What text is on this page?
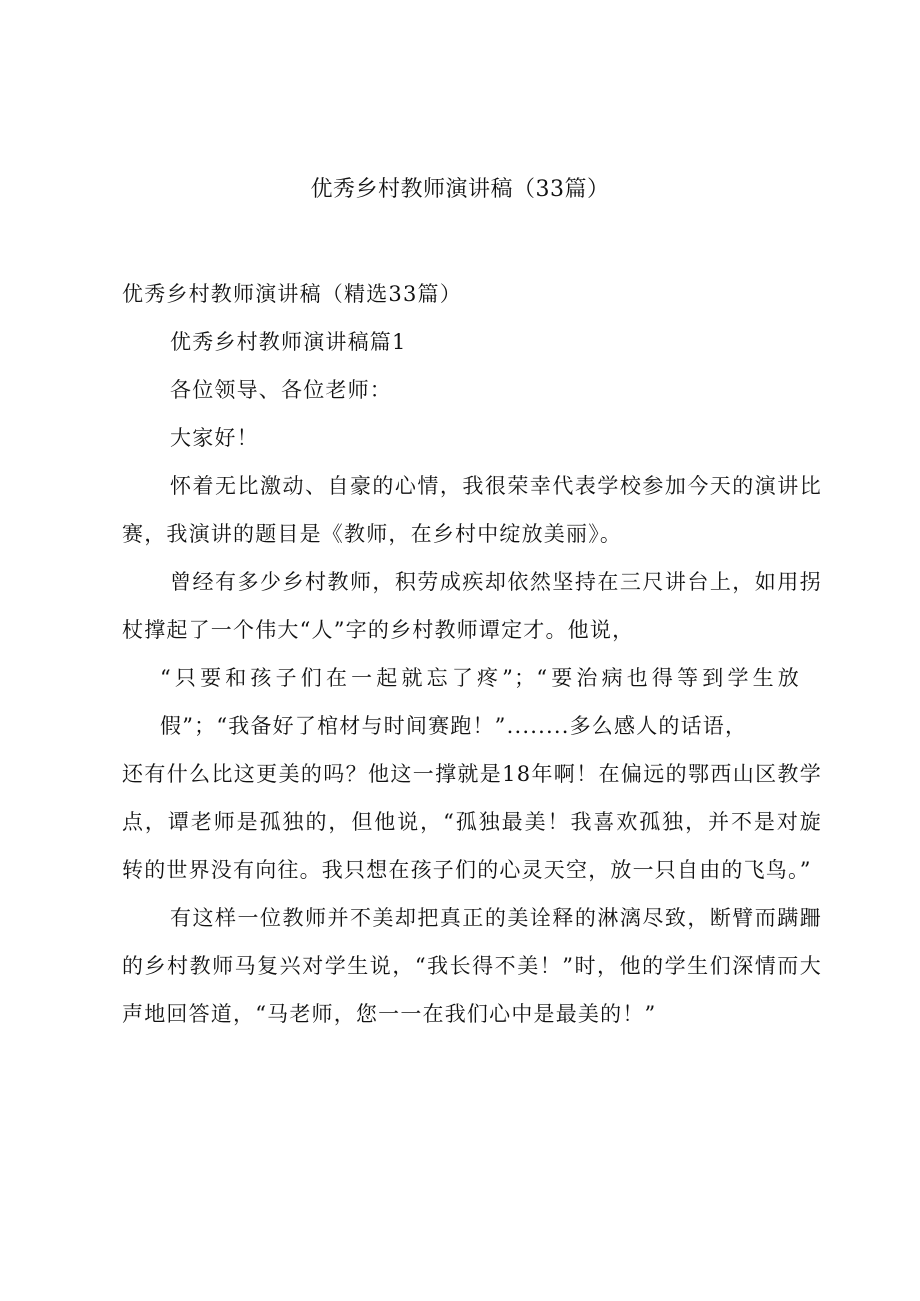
优秀乡村教师演讲稿（33篇）

优秀乡村教师演讲稿（精选33篇）

优秀乡村教师演讲稿篇1

各位领导、各位老师：

大家好！

怀着无比激动、自豪的心情，我很荣幸代表学校参加今天的演讲比赛，我演讲的题目是《教师，在乡村中绽放美丽》。

曾经有多少乡村教师，积劳成疾却依然坚持在三尺讲台上，如用拐杖撑起了一个伟大“人”字的乡村教师谭定才。他说，

“只要和孩子们在一起就忘了疼”；“要治病也得等到学生放假”；“我备好了棺材与时间赛跑！”........多么感人的话语，

还有什么比这更美的吗？他这一撑就是18年啊！在偏远的鄂西山区教学点，谭老师是孤独的，但他说，“孤独最美！我喜欢孤独，并不是对旋转的世界没有向往。我只想在孩子们的心灵天空，放一只自由的飞鸟。”

有这样一位教师并不美却把真正的美诠释的淋漓尽致，断臂而蹒跚的乡村教师马复兴对学生说，“我长得不美！”时，他的学生们深情而大声地回答道，“马老师，您一一在我们心中是最美的！”
